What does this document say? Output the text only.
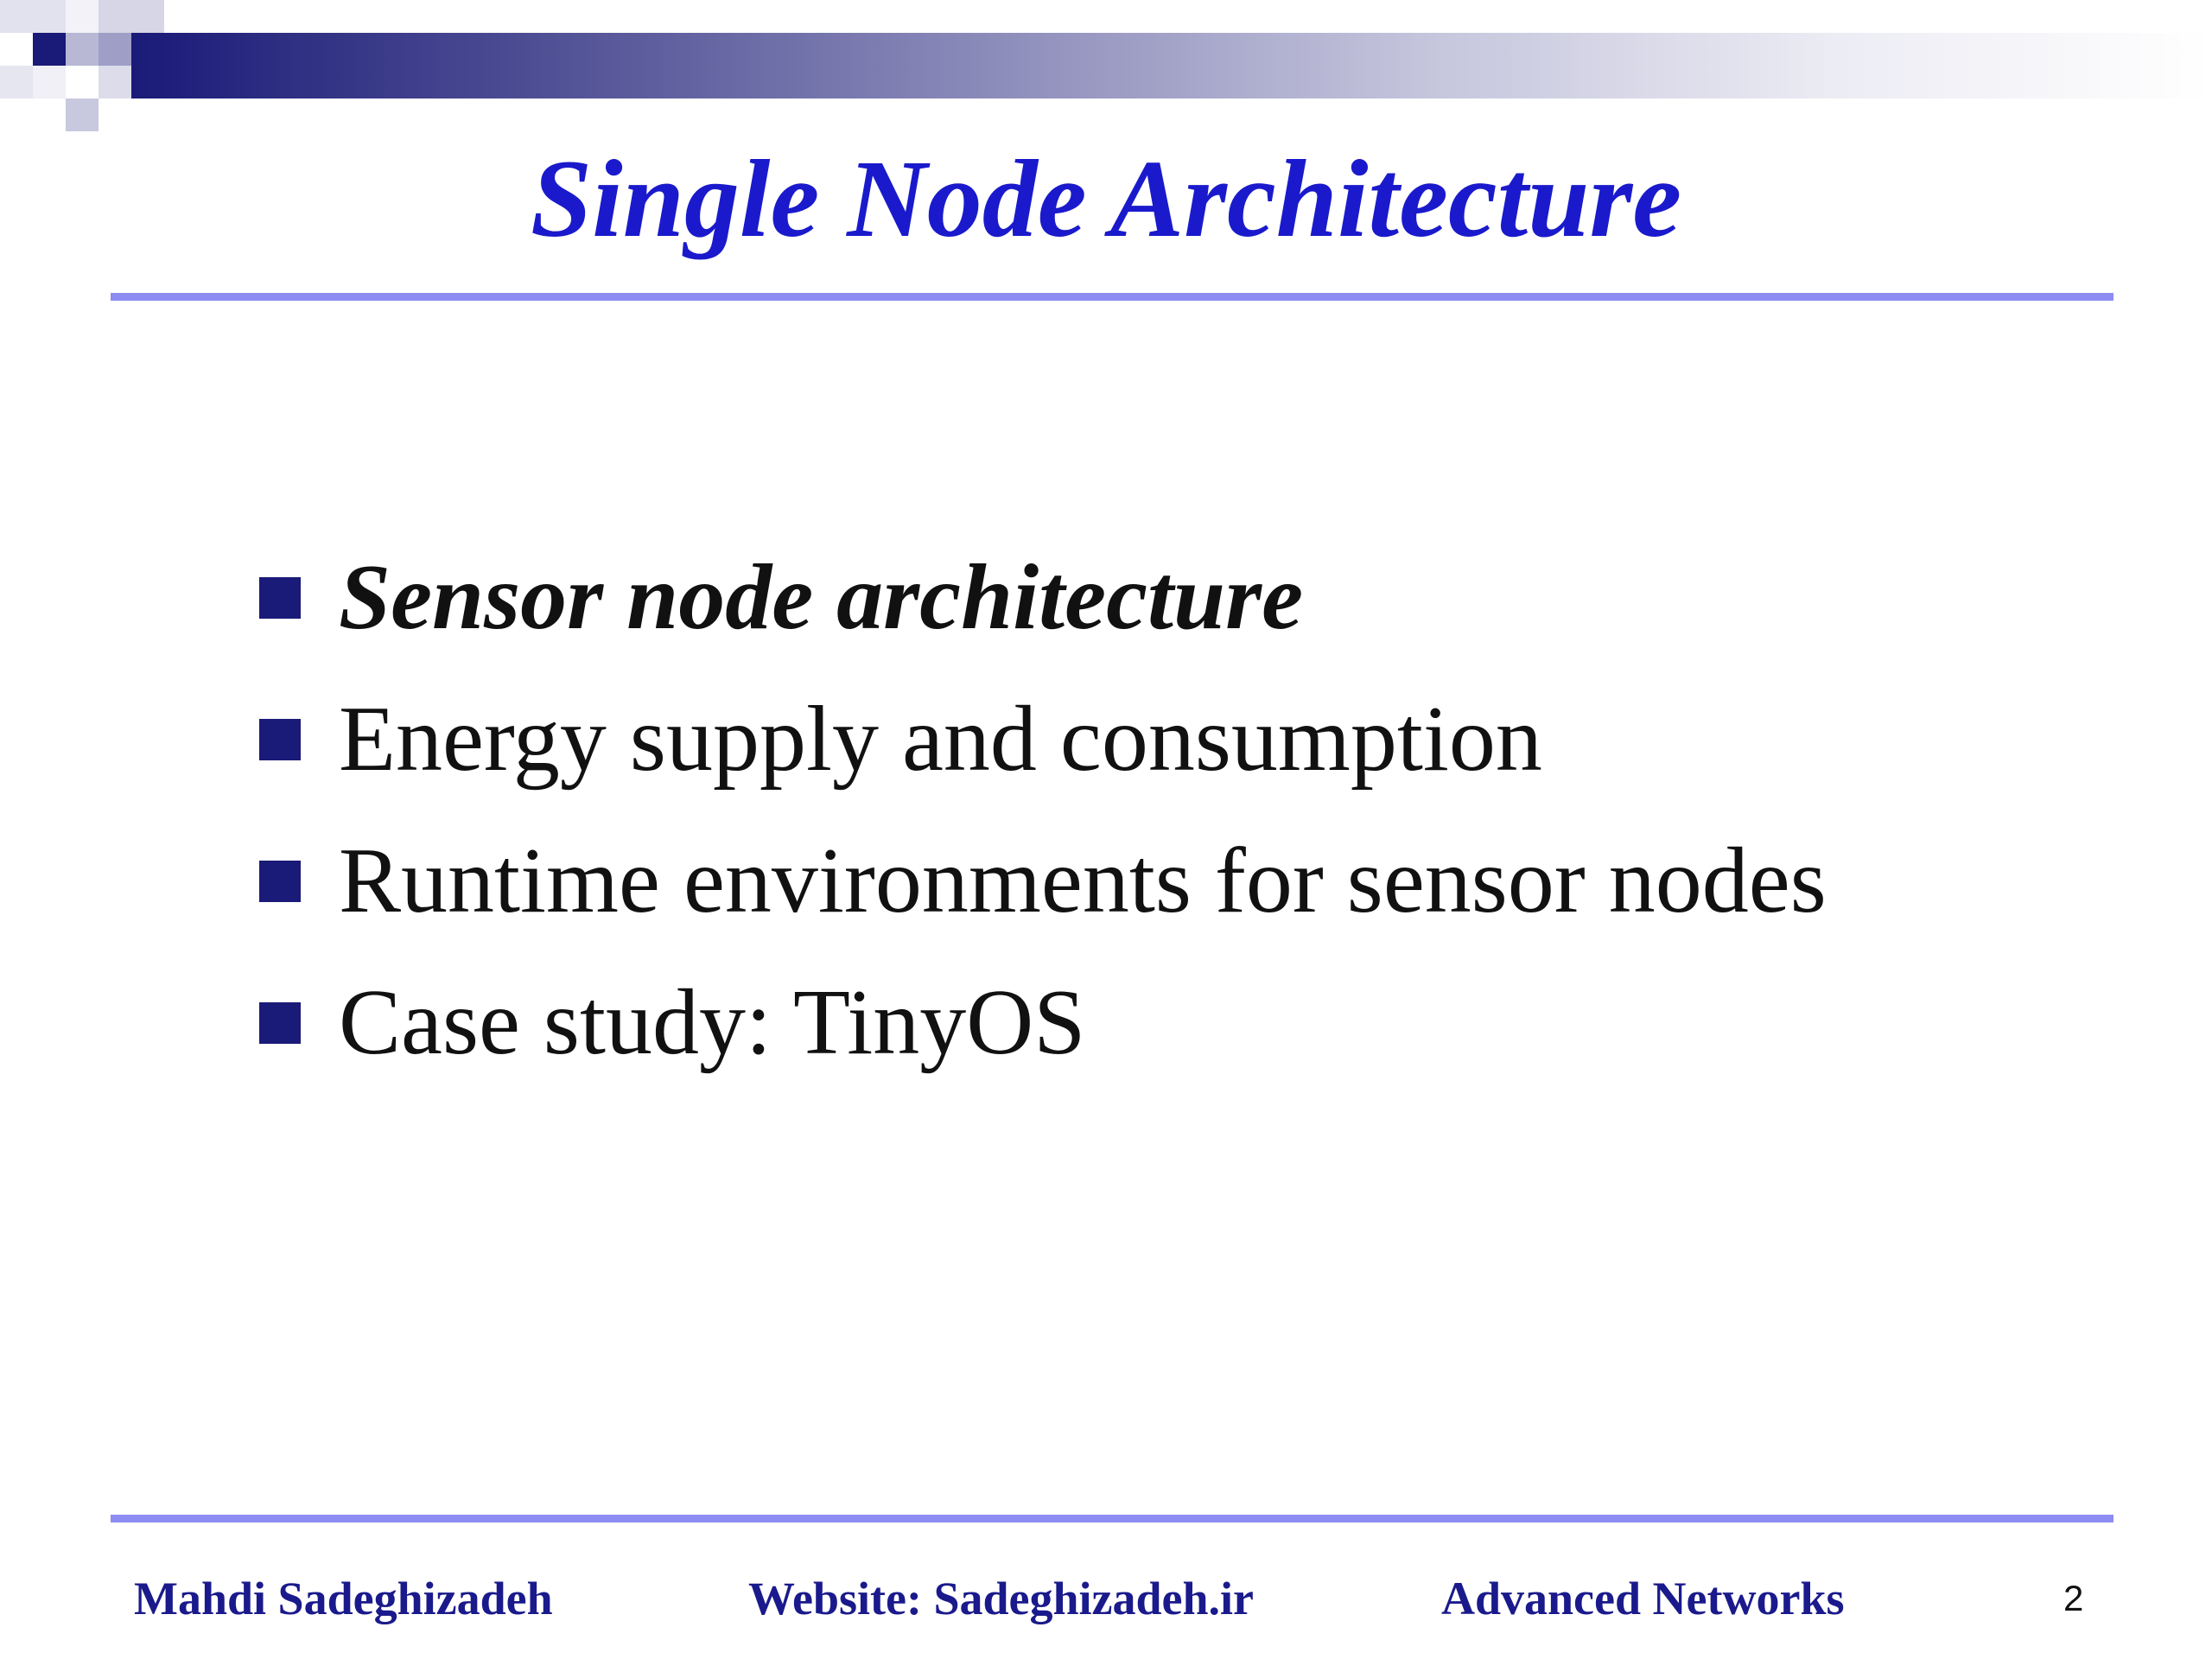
Single Node Architecture
Sensor node architecture
Energy supply and consumption
Runtime environments for sensor nodes
Case study: TinyOS
Mahdi Sadeghizadeh	Website: Sadeghizadeh.ir	Advanced Networks	2
